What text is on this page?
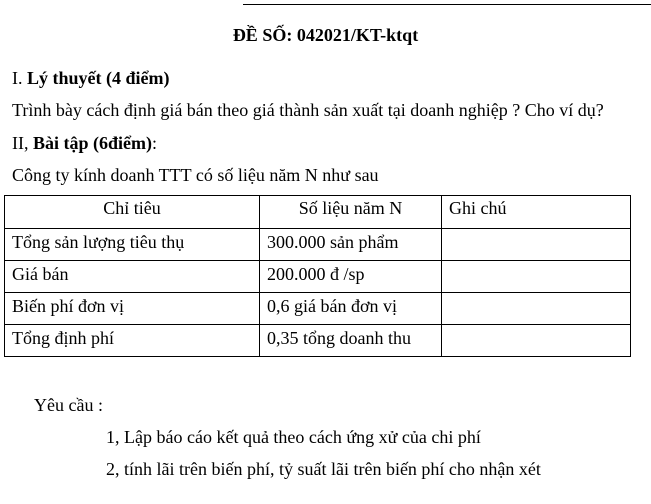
ĐỀ SỐ: 042021/KT-ktqt
I. Lý thuyết (4 điểm)
Trình bày cách định giá bán theo giá thành sản xuất tại doanh nghiệp ? Cho ví dụ?
II, Bài tập (6điểm):
Công ty kính doanh TTT có số liệu năm N như sau
Chỉ tiêu	Số liệu năm N	Ghi chú
Tổng sản lượng tiêu thụ	300.000 sản phẩm	
Giá bán	200.000 đ /sp	
Biến phí đơn vị	0,6 giá bán đơn vị	
Tổng định phí	0,35 tổng doanh thu	
Yêu cầu :
1, Lập báo cáo kết quả theo cách ứng xử của chi phí
2, tính lãi trên biến phí, tỷ suất lãi trên biến phí cho nhận xét
